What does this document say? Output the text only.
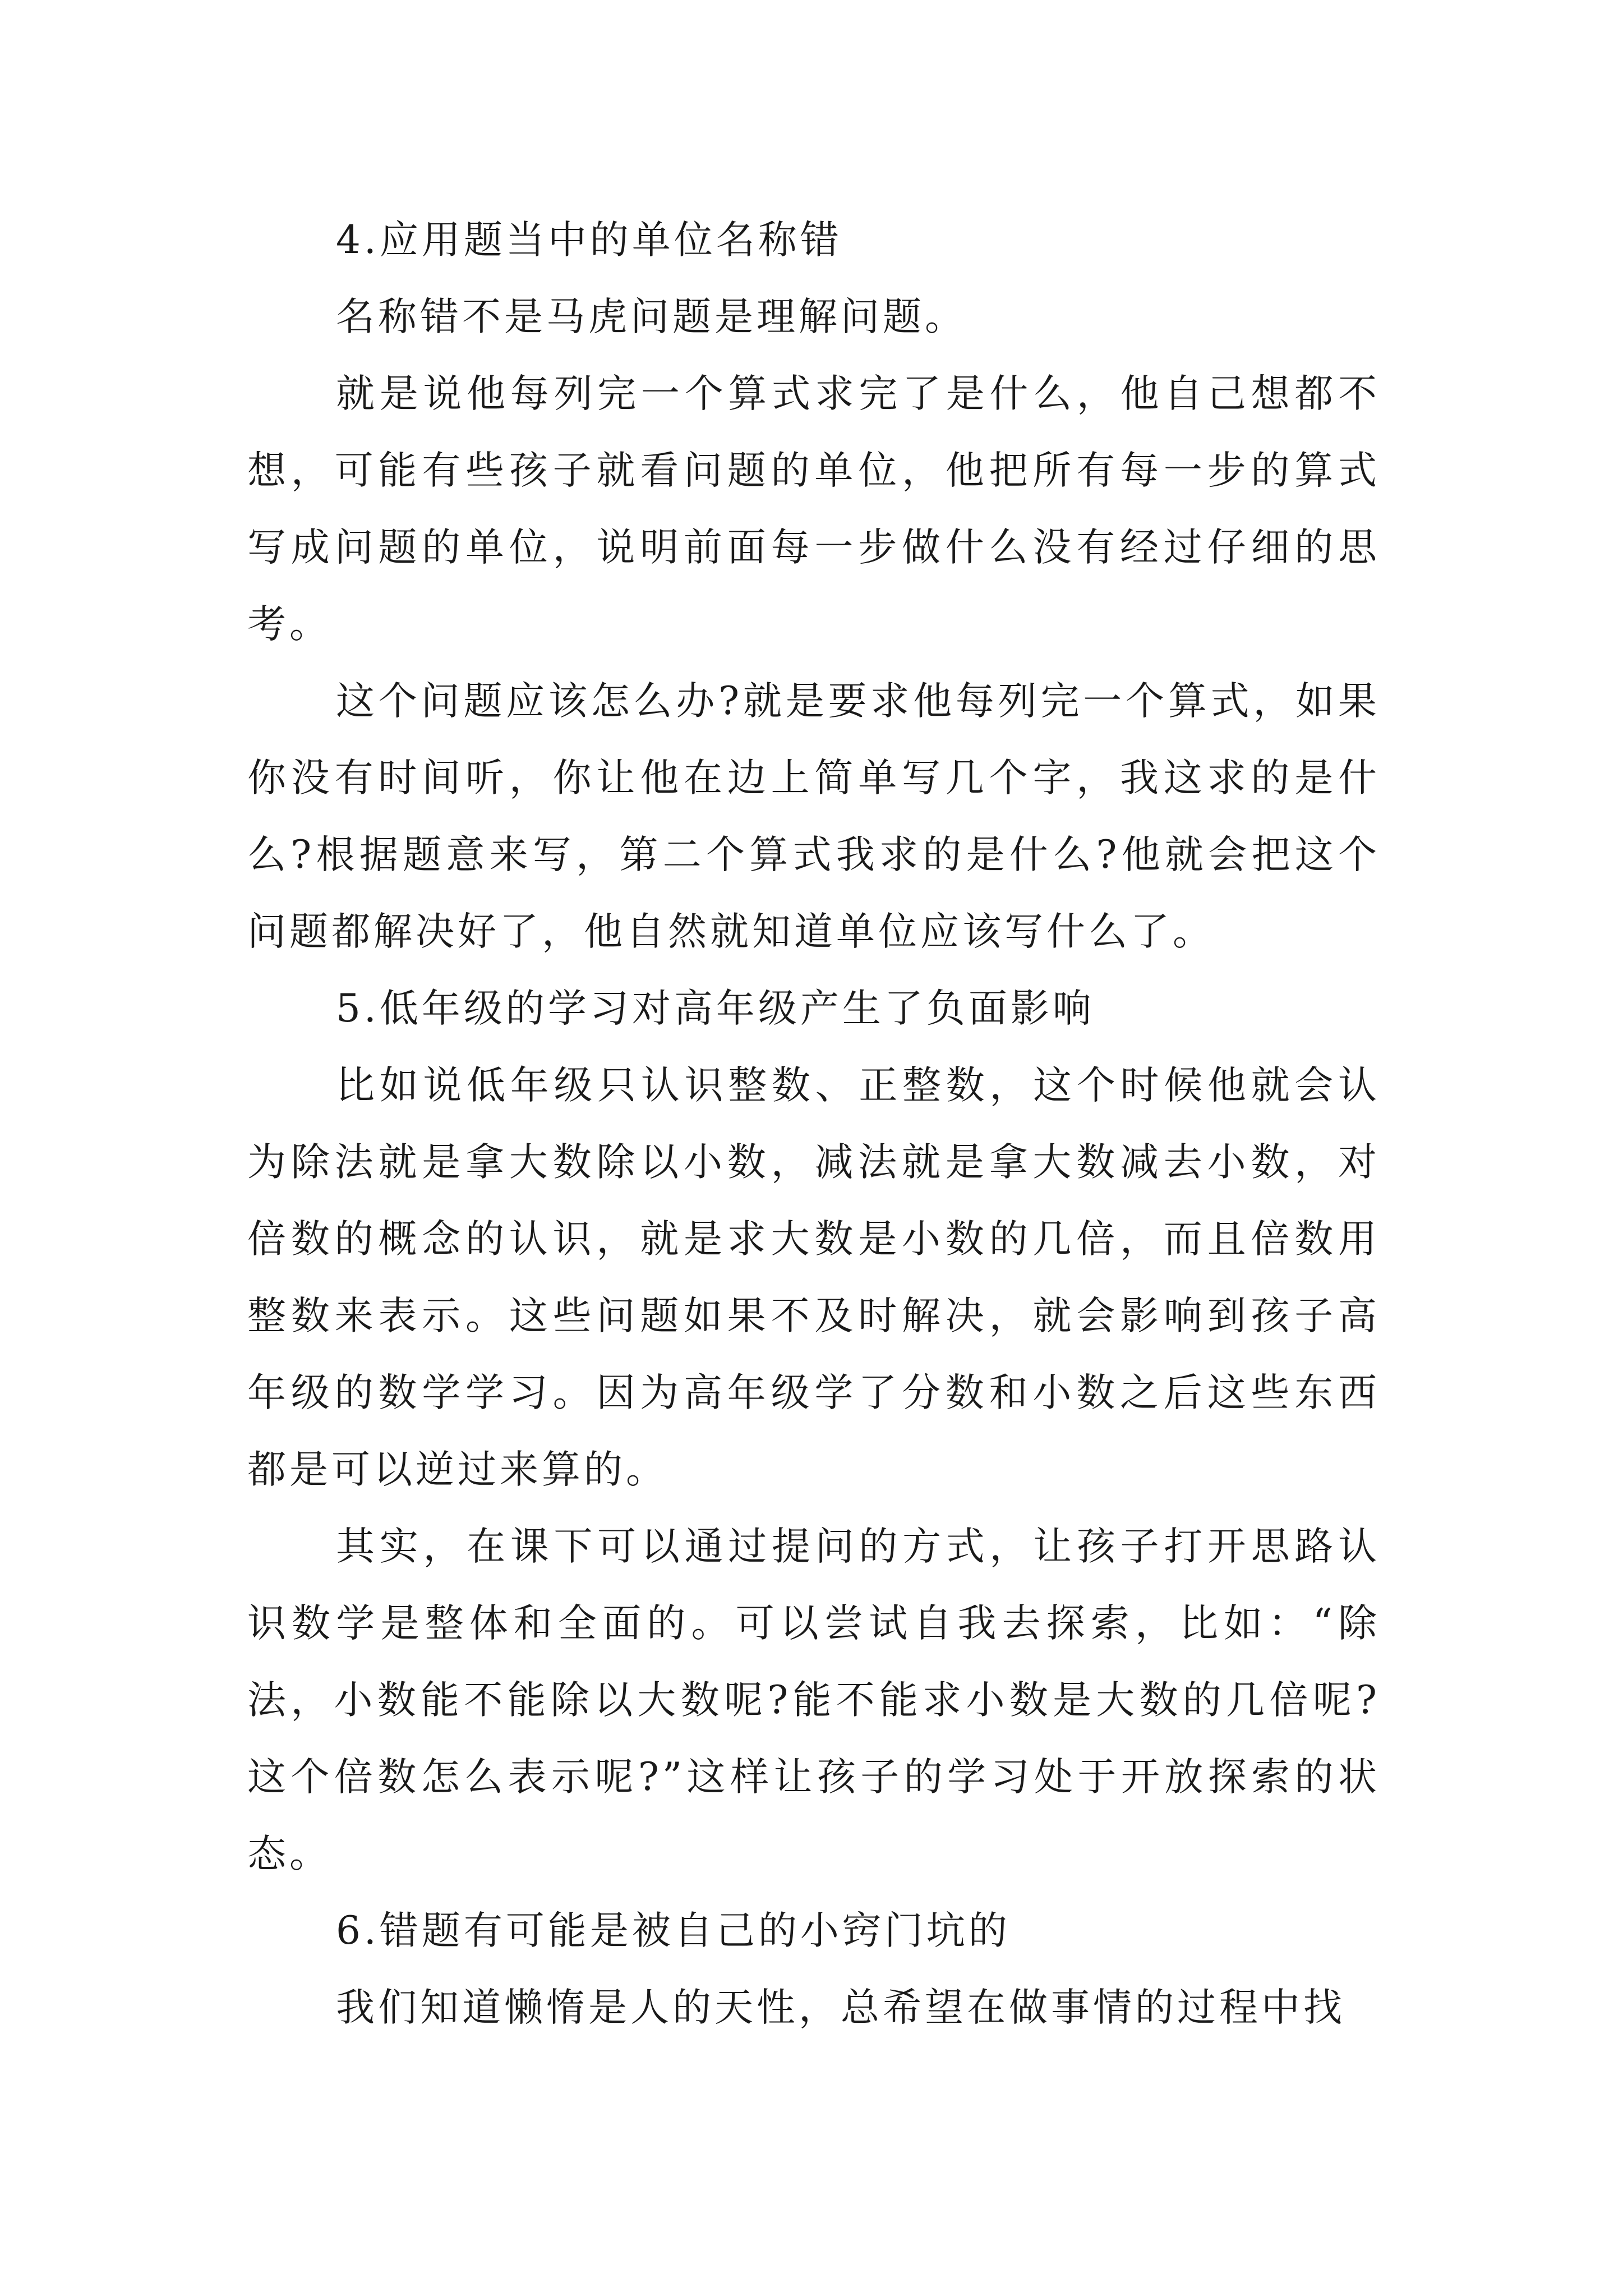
4.应用题当中的单位名称错

名称错不是马虎问题是理解问题。

就是说他每列完一个算式求完了是什么，他自己想都不想，可能有些孩子就看问题的单位，他把所有每一步的算式写成问题的单位，说明前面每一步做什么没有经过仔细的思考。

这个问题应该怎么办?就是要求他每列完一个算式，如果你没有时间听，你让他在边上简单写几个字，我这求的是什么?根据题意来写，第二个算式我求的是什么?他就会把这个问题都解决好了，他自然就知道单位应该写什么了。

5.低年级的学习对高年级产生了负面影响

比如说低年级只认识整数、正整数，这个时候他就会认为除法就是拿大数除以小数，减法就是拿大数减去小数，对倍数的概念的认识，就是求大数是小数的几倍，而且倍数用整数来表示。这些问题如果不及时解决，就会影响到孩子高年级的数学学习。因为高年级学了分数和小数之后这些东西都是可以逆过来算的。

其实，在课下可以通过提问的方式，让孩子打开思路认识数学是整体和全面的。可以尝试自我去探索，比如：“除法，小数能不能除以大数呢?能不能求小数是大数的几倍呢?这个倍数怎么表示呢?”这样让孩子的学习处于开放探索的状态。

6.错题有可能是被自己的小窍门坑的

我们知道懒惰是人的天性，总希望在做事情的过程中找
